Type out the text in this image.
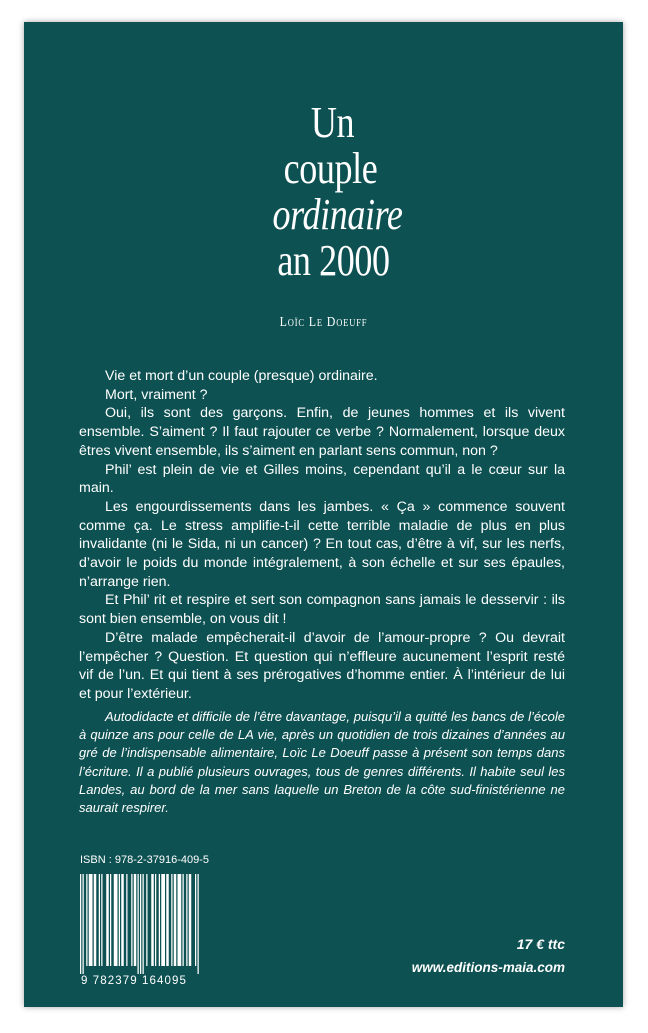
Un
couple
ordinaire
an 2000
Loïc Le Doeuff

Vie et mort d’un couple (presque) ordinaire.

Mort, vraiment ?

Oui, ils sont des garçons. Enfin, de jeunes hommes et ils vivent ensemble. S’aiment ? Il faut rajouter ce verbe ? Normalement, lorsque deux êtres vivent ensemble, ils s’aiment en parlant sens commun, non ?

Phil’ est plein de vie et Gilles moins, cependant qu’il a le cœur sur la main.

Les engourdissements dans les jambes. « Ça » commence souvent comme ça. Le stress amplifie-t-il cette terrible maladie de plus en plus invalidante (ni le Sida, ni un cancer) ? En tout cas, d’être à vif, sur les nerfs, d’avoir le poids du monde intégralement, à son échelle et sur ses épaules, n’arrange rien.

Et Phil’ rit et respire et sert son compagnon sans jamais le desservir : ils sont bien ensemble, on vous dit !

D’être malade empêcherait-il d’avoir de l’amour-propre ? Ou devrait l’empêcher ? Question. Et question qui n’effleure aucunement l’esprit resté vif de l’un. Et qui tient à ses prérogatives d’homme entier. À l’intérieur de lui et pour l’extérieur.

Autodidacte et difficile de l’être davantage, puisqu’il a quitté les bancs de l’école à quinze ans pour celle de LA vie, après un quotidien de trois dizaines d’années au gré de l’indispensable alimentaire, Loïc Le Doeuff passe à présent son temps dans l’écriture. Il a publié plusieurs ouvrages, tous de genres différents. Il habite seul les Landes, au bord de la mer sans laquelle un Breton de la côte sud-finistérienne ne saurait respirer.

ISBN : 978-2-37916-409-5
9 782379 164095
17 € ttc
www.editions-maia.com
